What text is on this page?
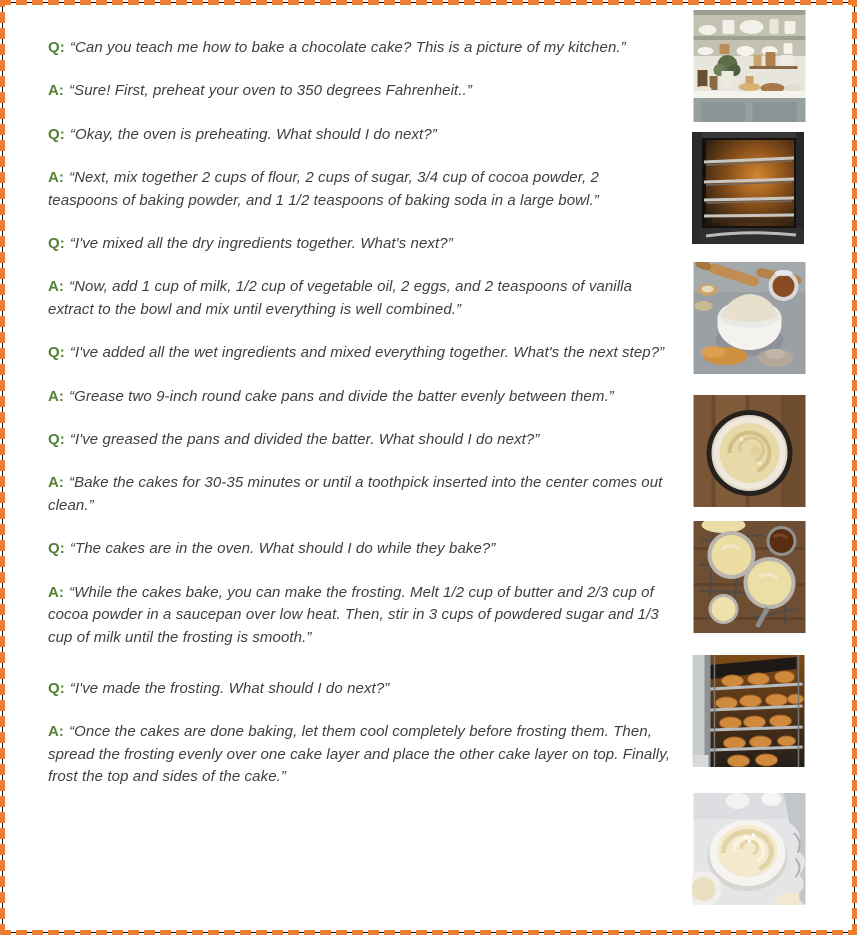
Q: “Can you teach me how to bake a chocolate cake? This is a picture of my kitchen.”

A: “Sure! First, preheat your oven to 350 degrees Fahrenheit..”

Q: “Okay, the oven is preheating. What should I do next?”

A: “Next, mix together 2 cups of flour, 2 cups of sugar, 3/4 cup of cocoa powder, 2 teaspoons of baking powder, and 1 1/2 teaspoons of baking soda in a large bowl.”

Q: “I've mixed all the dry ingredients together. What's next?”

A: “Now, add 1 cup of milk, 1/2 cup of vegetable oil, 2 eggs, and 2 teaspoons of vanilla extract to the bowl and mix until everything is well combined.”

Q: “I've added all the wet ingredients and mixed everything together. What's the next step?”

A: “Grease two 9-inch round cake pans and divide the batter evenly between them.”

Q: “I've greased the pans and divided the batter. What should I do next?”

A: “Bake the cakes for 30-35 minutes or until a toothpick inserted into the center comes out clean.”

Q: “The cakes are in the oven. What should I do while they bake?”

A: “While the cakes bake, you can make the frosting. Melt 1/2 cup of butter and 2/3 cup of cocoa powder in a saucepan over low heat. Then, stir in 3 cups of powdered sugar and 1/3 cup of milk until the frosting is smooth.”

Q: “I've made the frosting. What should I do next?”

A: “Once the cakes are done baking, let them cool completely before frosting them. Then, spread the frosting evenly over one cake layer and place the other cake layer on top. Finally, frost the top and sides of the cake.”
